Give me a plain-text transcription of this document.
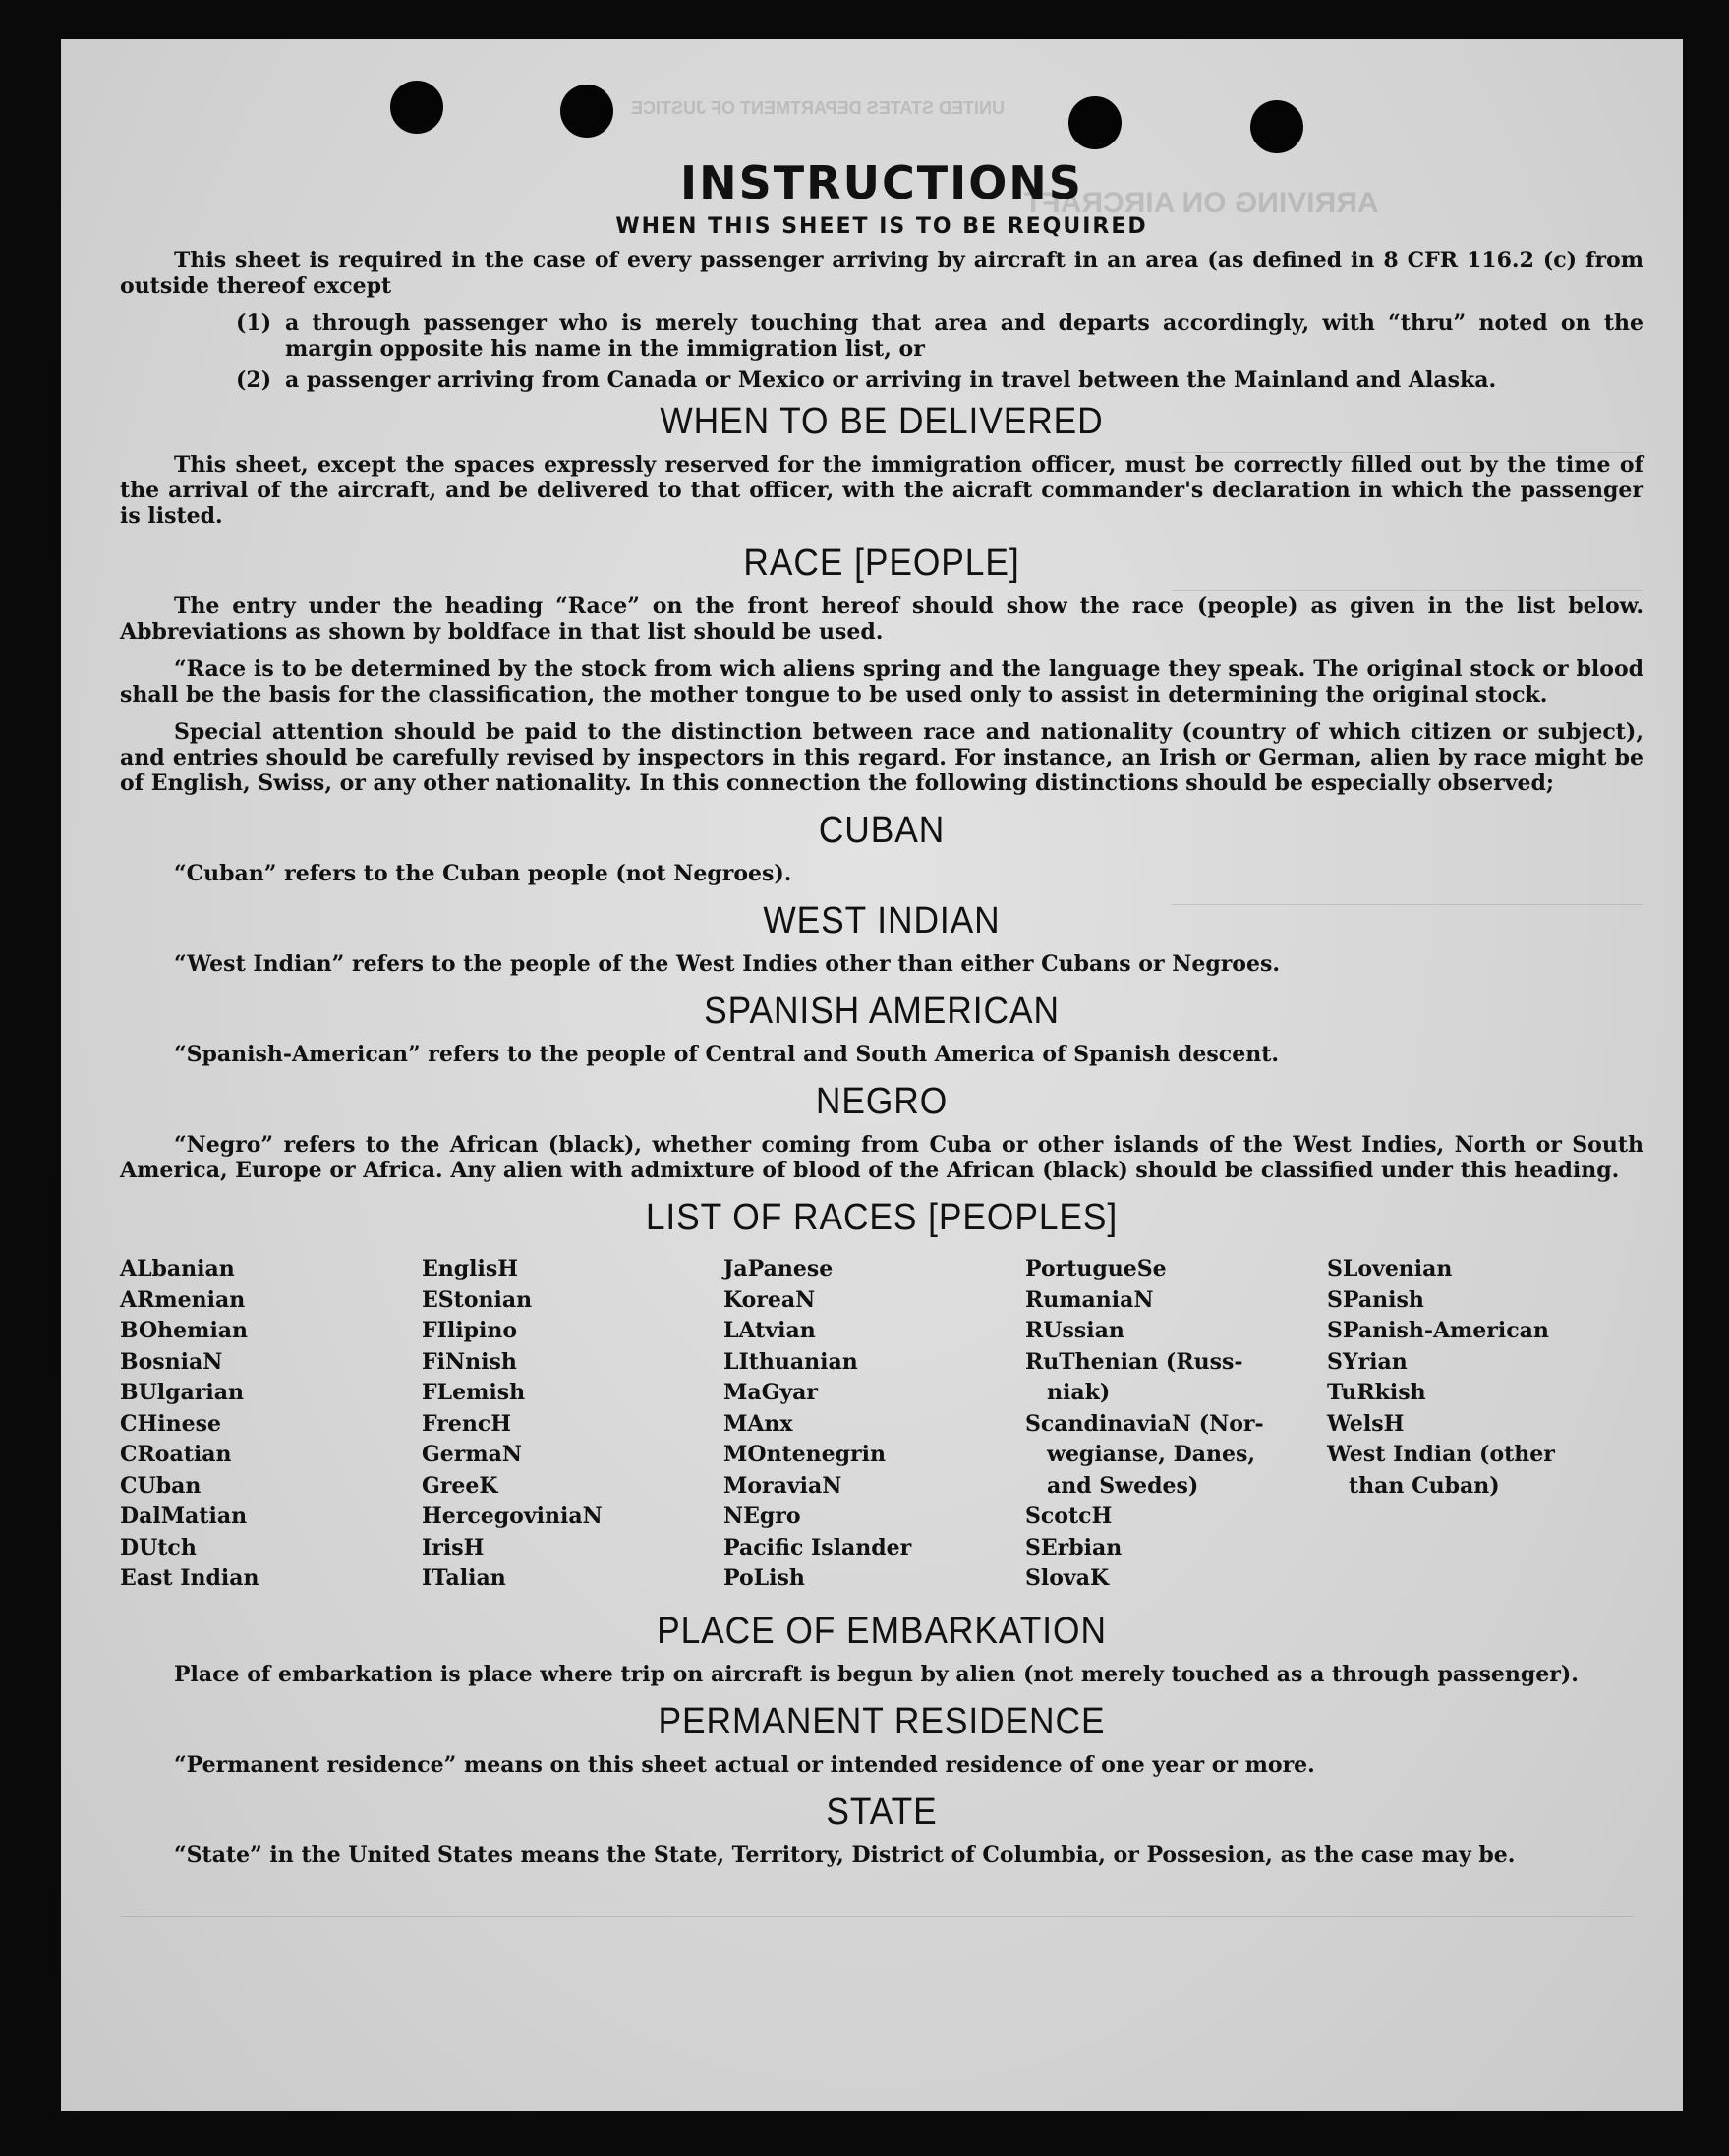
UNITED STATES DEPARTMENT OF JUSTICE
ARRIVING ON AIRCRAFT
INSTRUCTIONS
WHEN THIS SHEET IS TO BE REQUIRED

This sheet is required in the case of every passenger arriving by aircraft in an area (as defined in 8 CFR 116.2 (c) from outside thereof except

(1) a through passenger who is merely touching that area and departs accordingly, with “thru” noted on the margin opposite his name in the immigration list, or
(2) a passenger arriving from Canada or Mexico or arriving in travel between the Mainland and Alaska.
WHEN TO BE DELIVERED

This sheet, except the spaces expressly reserved for the immigration officer, must be correctly filled out by the time of the arrival of the aircraft, and be delivered to that officer, with the aicraft commander's declaration in which the passenger is listed.

RACE [PEOPLE]

The entry under the heading “Race” on the front hereof should show the race (people) as given in the list below. Abbreviations as shown by boldface in that list should be used.

“Race is to be determined by the stock from wich aliens spring and the language they speak. The original stock or blood shall be the basis for the classification, the mother tongue to be used only to assist in determining the original stock.

Special attention should be paid to the distinction between race and nationality (country of which citizen or subject), and entries should be carefully revised by inspectors in this regard. For instance, an Irish or German, alien by race might be of English, Swiss, or any other nationality. In this connection the following distinctions should be especially observed;

CUBAN

“Cuban” refers to the Cuban people (not Negroes).

WEST INDIAN

“West Indian” refers to the people of the West Indies other than either Cubans or Negroes.

SPANISH AMERICAN

“Spanish-American” refers to the people of Central and South America of Spanish descent.

NEGRO

“Negro” refers to the African (black), whether coming from Cuba or other islands of the West Indies, North or South America, Europe or Africa. Any alien with admixture of blood of the African (black) should be classified under this heading.

LIST OF RACES [PEOPLES]
ALbanian
ARmenian
BOhemian
BosniaN
BUlgarian
CHinese
CRoatian
CUban
DalMatian
DUtch
East Indian
EnglisH
EStonian
FIlipino
FiNnish
FLemish
FrencH
GermaN
GreeK
HercegovinіaN
IrisH
ITalian
JaPanese
KoreaN
LAtvian
LIthuanian
MaGyar
MAnx
MOntenegrin
MoraviaN
NEgro
Pacific Islander
PoLish
PortugueSe
RumaniaN
RUssian
RuThenian (Russ-
niak)
ScandinaviaN (Nor-
wegianse, Danes,
and Swedes)
ScotcH
SErbian
SlovaK
SLovenian
SPanish
SPanish-American
SYrian
TuRkish
WelsH
West Indian (other
than Cuban)
PLACE OF EMBARKATION

Place of embarkation is place where trip on aircraft is begun by alien (not merely touched as a through passenger).

PERMANENT RESIDENCE

“Permanent residence” means on this sheet actual or intended residence of one year or more.

STATE

“State” in the United States means the State, Territory, District of Columbia, or Possesion, as the case may be.
